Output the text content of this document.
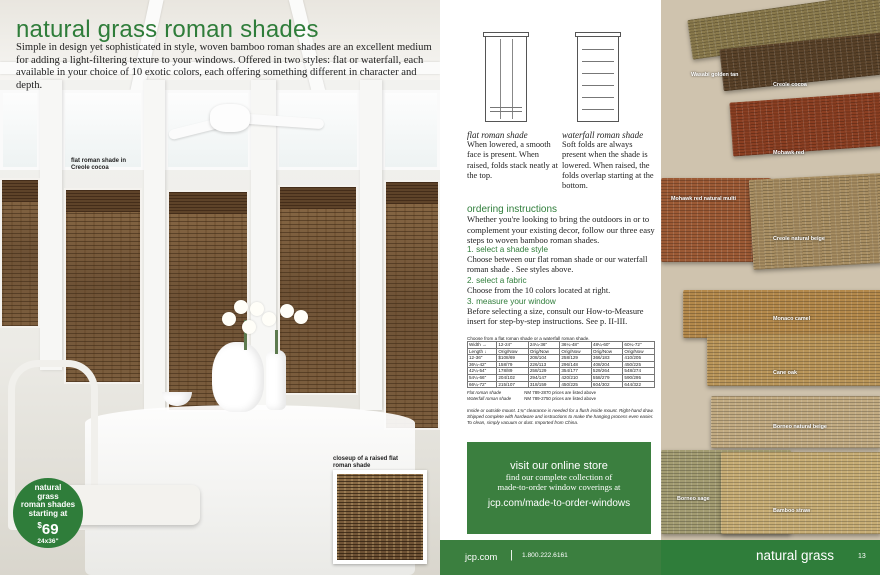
natural grass roman shades
Simple in design yet sophisticated in style, woven bamboo roman shades are an excellent medium for adding a light-filtering texture to your windows. Offered in two styles: flat or waterfall, each available in your choice of 10 exotic colors, each offering something different in character and depth.
flat roman shade in Creole cocoa
closeup of a raised flat roman shade
natural
grass
roman shades
starting at
$69
24x36"
flat roman shade
When lowered, a smooth face is present. When raised, folds stack neatly at the top.
waterfall roman shade
Soft folds are always present when the shade is lowered. When raised, the folds overlap starting at the bottom.
ordering instructions
Whether you're looking to bring the outdoors in or to complement your existing decor, follow our three easy steps to woven bamboo roman shades.
1. select a shade style
Choose between our flat roman shade or our waterfall roman shade . See styles above.
2. select a fabric
Choose from the 10 colors located at right.
3. measure your window
Before selecting a size, consult our How-to-Measure insert for step-by-step instructions. See p. II-III.
Choose from a flat roman shade or a waterfall roman shade.
Width →	12-24"	24¼-36"	36¼-48"	48¼-60"	60¼-72"
Length ↓	Orig/Now	Orig/Now	Orig/Now	Orig/Now	Orig/Now
12-36"	$108/69	208/104	258/129	366/183	410/205
36¼-42"	158/79	226/113	296/148	408/204	450/225
42¼-54"	178/89	258/129	354/177	529/264	548/274
54¼-66"	204/102	294/147	420/210	558/279	590/295
66¼-72"	215/107	318/159	450/225	604/302	644/322
Flat roman shade	NM 789-2870 prices are listed above
Waterfall roman shade	NM 789-2750 prices are listed above
Inside or outside mount. 1¾" clearance is needed for a flush inside mount. Right-hand draw. Shipped complete with hardware and instructions to make the hanging process even easier. To clean, simply vacuum or dust. Imported from China.
visit our online store
find our complete collection of
made-to-order window coverings at
jcp.com/made-to-order-windows
Wasabi golden tan
Creole cocoa
Mohawk red
Mohawk red natural multi
Creole natural beige
Monaco camel
Cane oak
Borneo natural beige
Borneo sage
Bamboo straw
jcp.com | 1.800.222.6161	natural grass	13
